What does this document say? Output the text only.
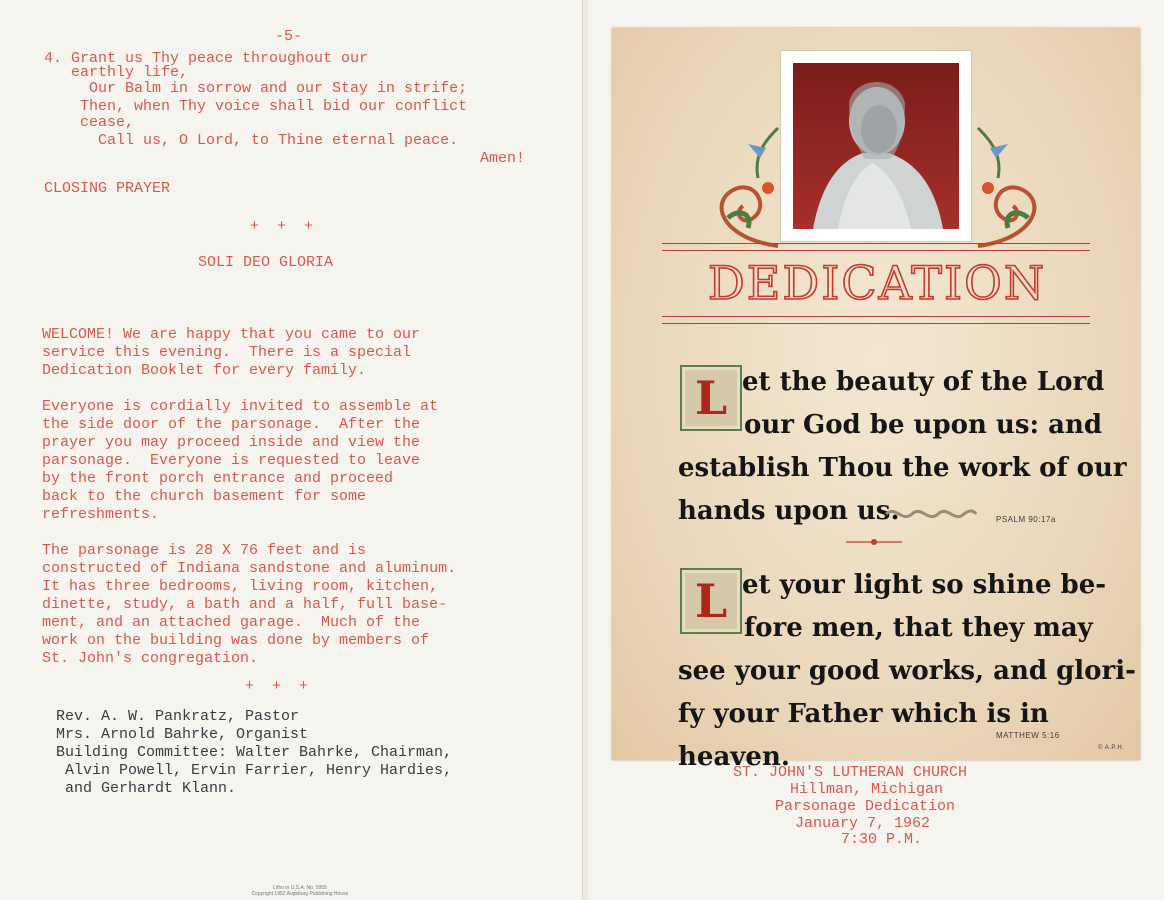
-5-

4. Grant us Thy peace throughout our

earthly life,

Our Balm in sorrow and our Stay in strife;

Then, when Thy voice shall bid our conflict

cease,

Call us, O Lord, to Thine eternal peace.

Amen!

CLOSING PRAYER

+  +  +

SOLI DEO GLORIA

WELCOME! We are happy that you came to our

service this evening.  There is a special

Dedication Booklet for every family.

Everyone is cordially invited to assemble at

the side door of the parsonage.  After the

prayer you may proceed inside and view the

parsonage.  Everyone is requested to leave

by the front porch entrance and proceed

back to the church basement for some

refreshments.

The parsonage is 28 X 76 feet and is

constructed of Indiana sandstone and aluminum.

It has three bedrooms, living room, kitchen,

dinette, study, a bath and a half, full base-

ment, and an attached garage.  Much of the

work on the building was done by members of

St. John's congregation.

+  +  +

Rev. A. W. Pankratz, Pastor

Mrs. Arnold Bahrke, Organist

Building Committee: Walter Bahrke, Chairman,

Alvin Powell, Ervin Farrier, Henry Hardies,

and Gerhardt Klann.

Litho in U.S.A. No. 5955
Copyright 1952 Augsburg Publishing House
DEDICATION
L et the beauty of the Lord
our God be upon us: and
establish Thou the work of our
hands upon us.	PSALM 90:17a
L et your light so shine be-
fore men, that they may
see your good works, and glori-
fy your Father which is in heaven.
MATTHEW 5:16
© A.P.H.

ST. JOHN'S LUTHERAN CHURCH

Hillman, Michigan

Parsonage Dedication

January 7, 1962

7:30 P.M.
